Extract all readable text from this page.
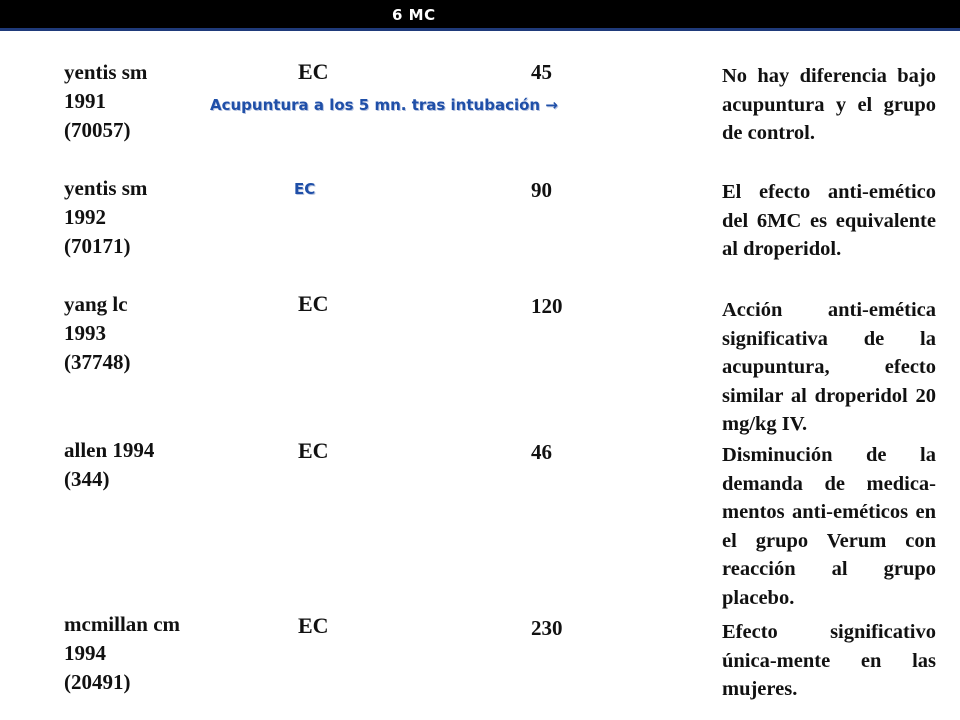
6 MC
yentis sm
1991
(70057)
EC	45	No hay diferencia bajo acupuntura y el grupo de control.
Acupuntura a los 5 mn. tras intubación →
yentis sm
1992
(70171)
EC	90	El efecto anti-emético del 6MC es equivalente al droperidol.
yang lc
1993
(37748)
EC	120	Acción anti-emética significativa de la acupuntura, efecto similar al droperidol 20 mg/kg IV.
allen 1994
(344)
EC	46	Disminución de la demanda de medica-mentos anti-eméticos en el grupo Verum con reacción al grupo placebo.
mcmillan cm
1994
(20491)
EC	230	Efecto significativo única-mente en las mujeres.
